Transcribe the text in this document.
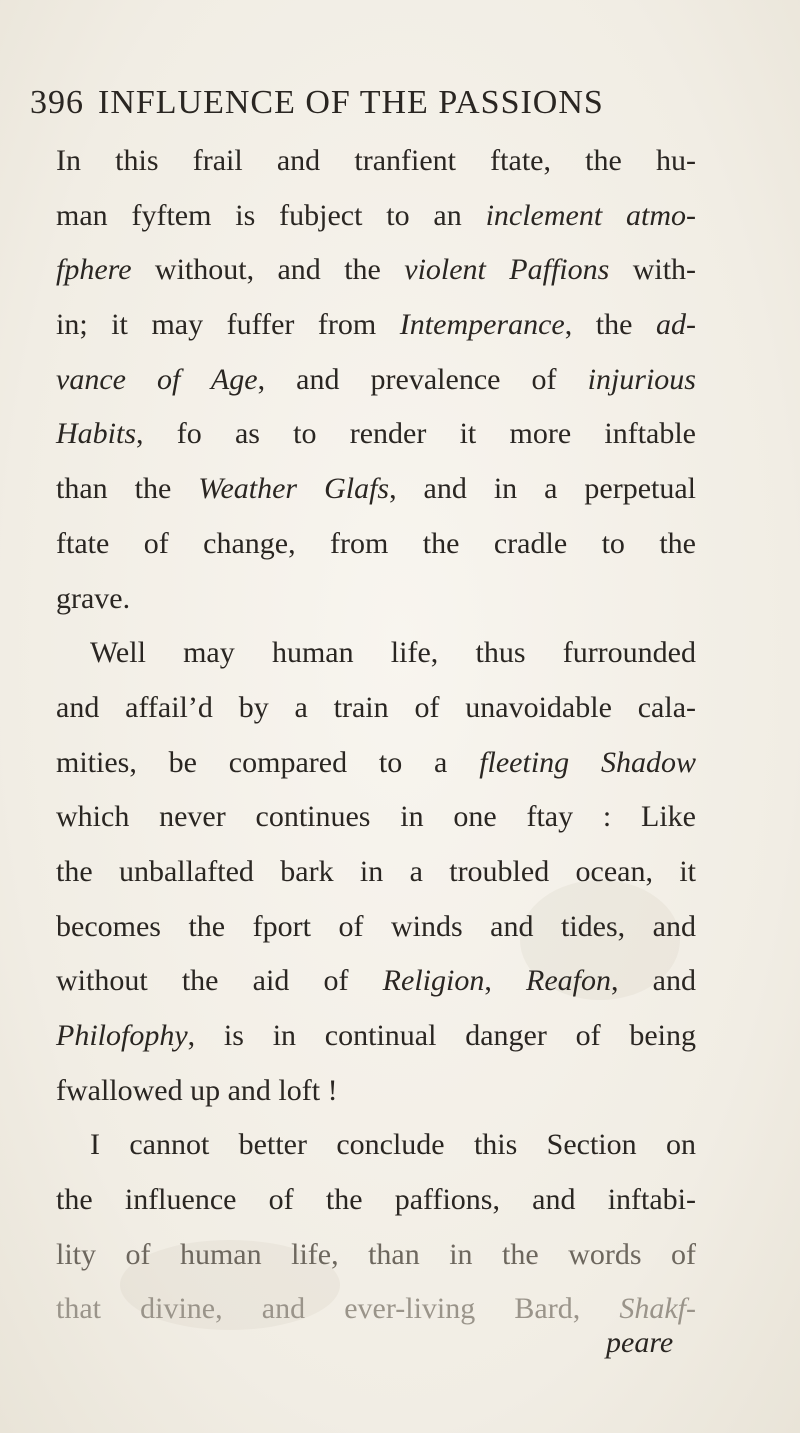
396 INFLUENCE OF THE PASSIONS
In this frail and tranfient ftate, the hu-
man fyftem is fubject to an inclement atmo-
fphere without, and the violent Paffions with-
in; it may fuffer from Intemperance, the ad-
vance of Age, and prevalence of injurious
Habits, fo as to render it more inftable
than the Weather Glafs, and in a perpetual
ftate of change, from the cradle to the
grave.
Well may human life, thus furrounded
and affail’d by a train of unavoidable cala-
mities, be compared to a fleeting Shadow
which never continues in one ftay : Like
the unballafted bark in a troubled ocean, it
becomes the fport of winds and tides, and
without the aid of Religion, Reafon, and
Philofophy, is in continual danger of being
fwallowed up and loft !
I cannot better conclude this Section on
the influence of the paffions, and inftabi-
lity of human life, than in the words of
that divine, and ever-living Bard, Shakf-
peare
